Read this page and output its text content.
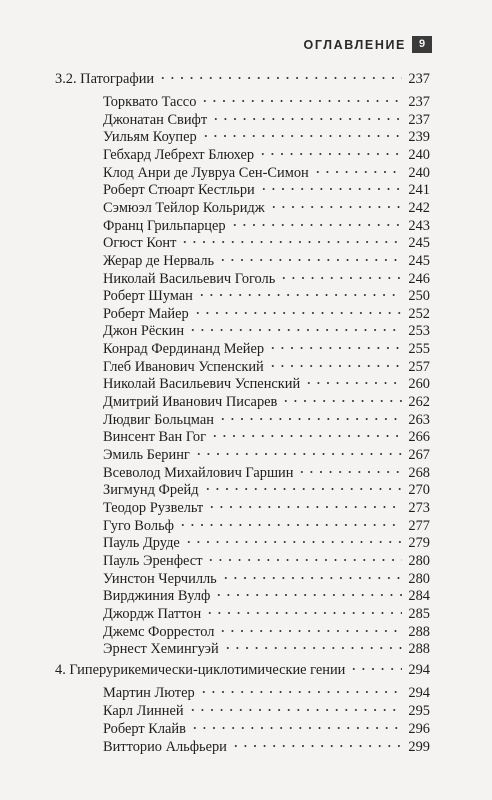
ОГЛАВЛЕНИЕ	9
3.2. Патографии	237
Торквато Тассо	237
Джонатан Свифт	237
Уильям Коупер	239
Гебхард Лебрехт Блюхер	240
Клод Анри де Лувруа Сен-Симон	240
Роберт Стюарт Кестльри	241
Сэмюэл Тейлор Кольридж	242
Франц Грильпарцер	243
Огюст Конт	245
Жерар де Нерваль	245
Николай Васильевич Гоголь	246
Роберт Шуман	250
Роберт Майер	252
Джон Рёскин	253
Конрад Фердинанд Мейер	255
Глеб Иванович Успенский	257
Николай Васильевич Успенский	260
Дмитрий Иванович Писарев	262
Людвиг Больцман	263
Винсент Ван Гог	266
Эмиль Беринг	267
Всеволод Михайлович Гаршин	268
Зигмунд Фрейд	270
Теодор Рузвельт	273
Гуго Вольф	277
Пауль Друде	279
Пауль Эренфест	280
Уинстон Черчилль	280
Вирджиния Вулф	284
Джордж Паттон	285
Джемс Форрестол	288
Эрнест Хемингуэй	288
4. Гиперурикемически-циклотимические гении	294
Мартин Лютер	294
Карл Линней	295
Роберт Клайв	296
Витторио Альфьери	299
